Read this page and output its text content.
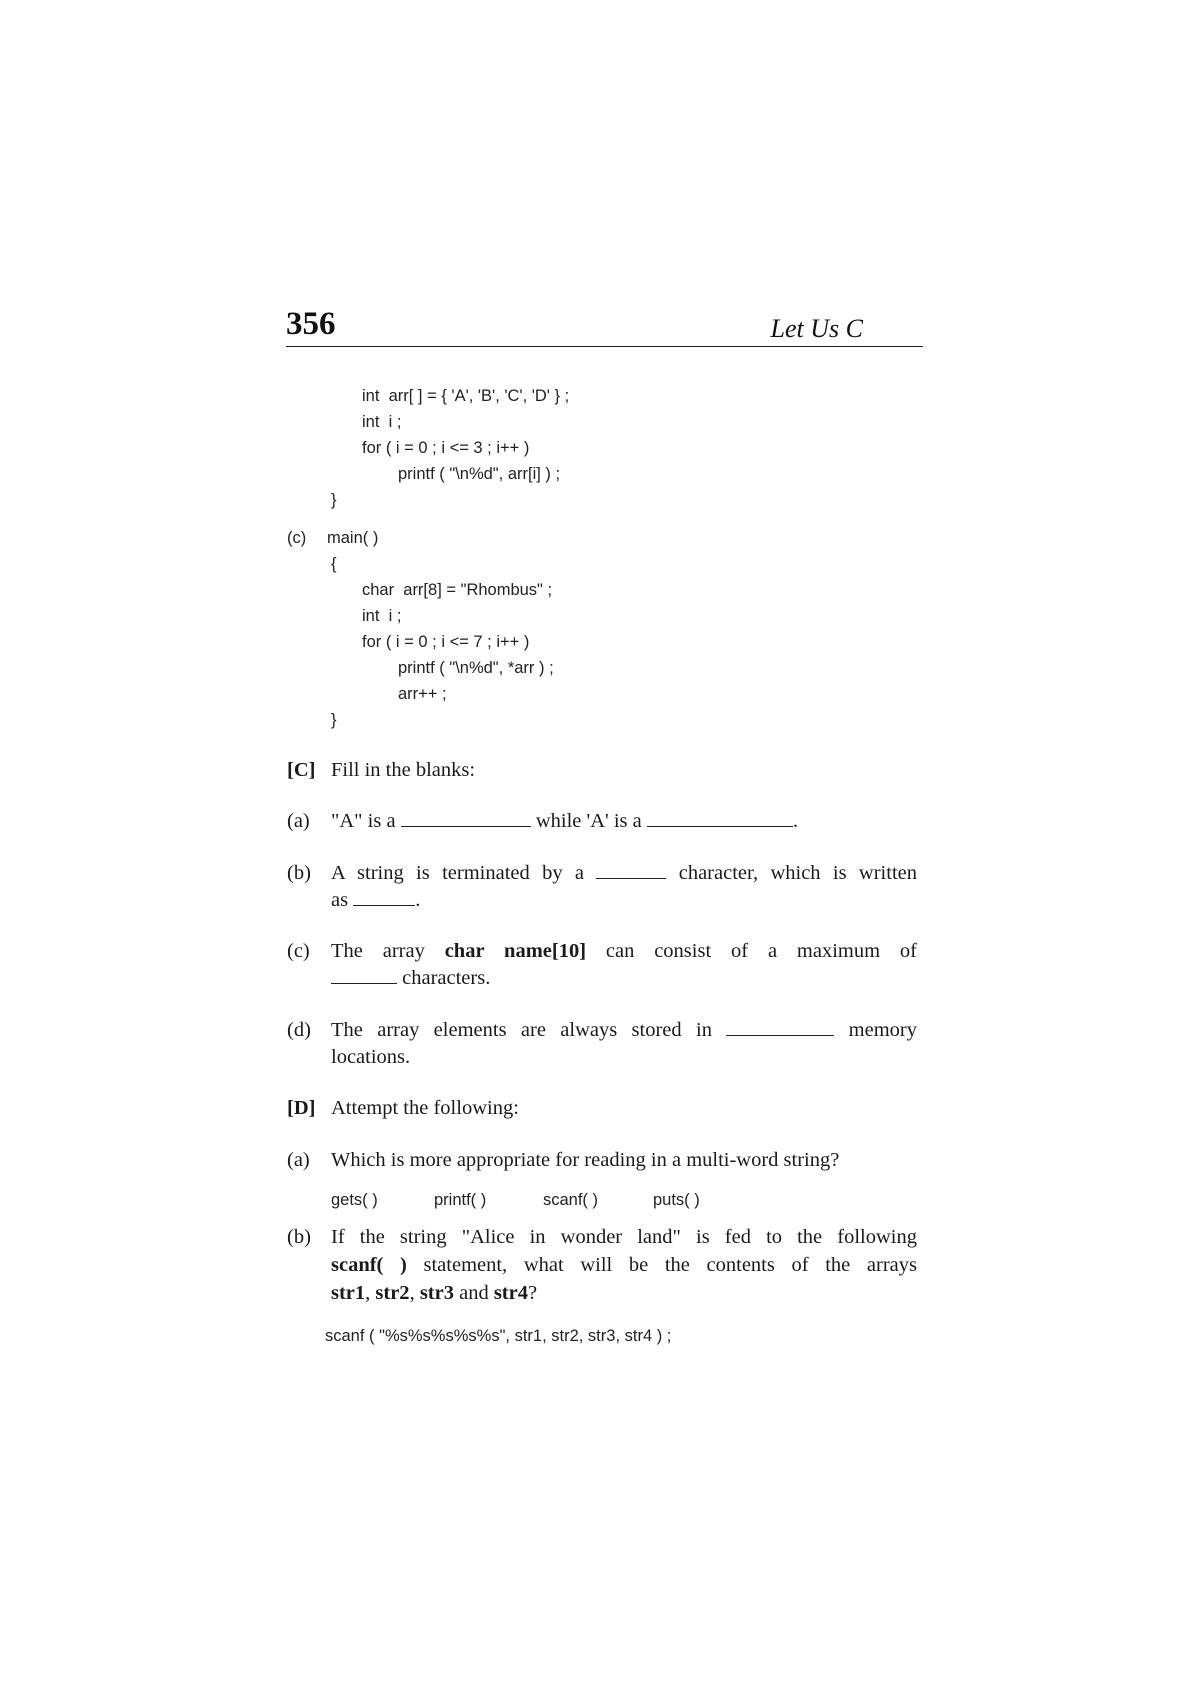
356	Let Us C
int  arr[ ] = { 'A', 'B', 'C', 'D' } ;
int  i ;
for ( i = 0 ; i <= 3 ; i++ )
printf ( "\n%d", arr[i] ) ;
}
(c) main( )
{
char  arr[8] = "Rhombus" ;
int  i ;
for ( i = 0 ; i <= 7 ; i++ )
printf ( "\n%d", *arr ) ;
arr++ ;
}
[C] Fill in the blanks:
(a) "A" is a	while 'A' is a	.
(b) A string is terminated by a	character, which is written
as	.
(c) The array char name[10] can consist of a maximum of
characters.
(d) The array elements are always stored in	memory
locations.
[D] Attempt the following:
(a) Which is more appropriate for reading in a multi-word string?
gets( )	printf( )	scanf( )	puts( )
(b) If the string "Alice in wonder land" is fed to the following
scanf( ) statement, what will be the contents of the arrays
str1, str2, str3 and str4?
scanf ( "%s%s%s%s%s", str1, str2, str3, str4 ) ;
